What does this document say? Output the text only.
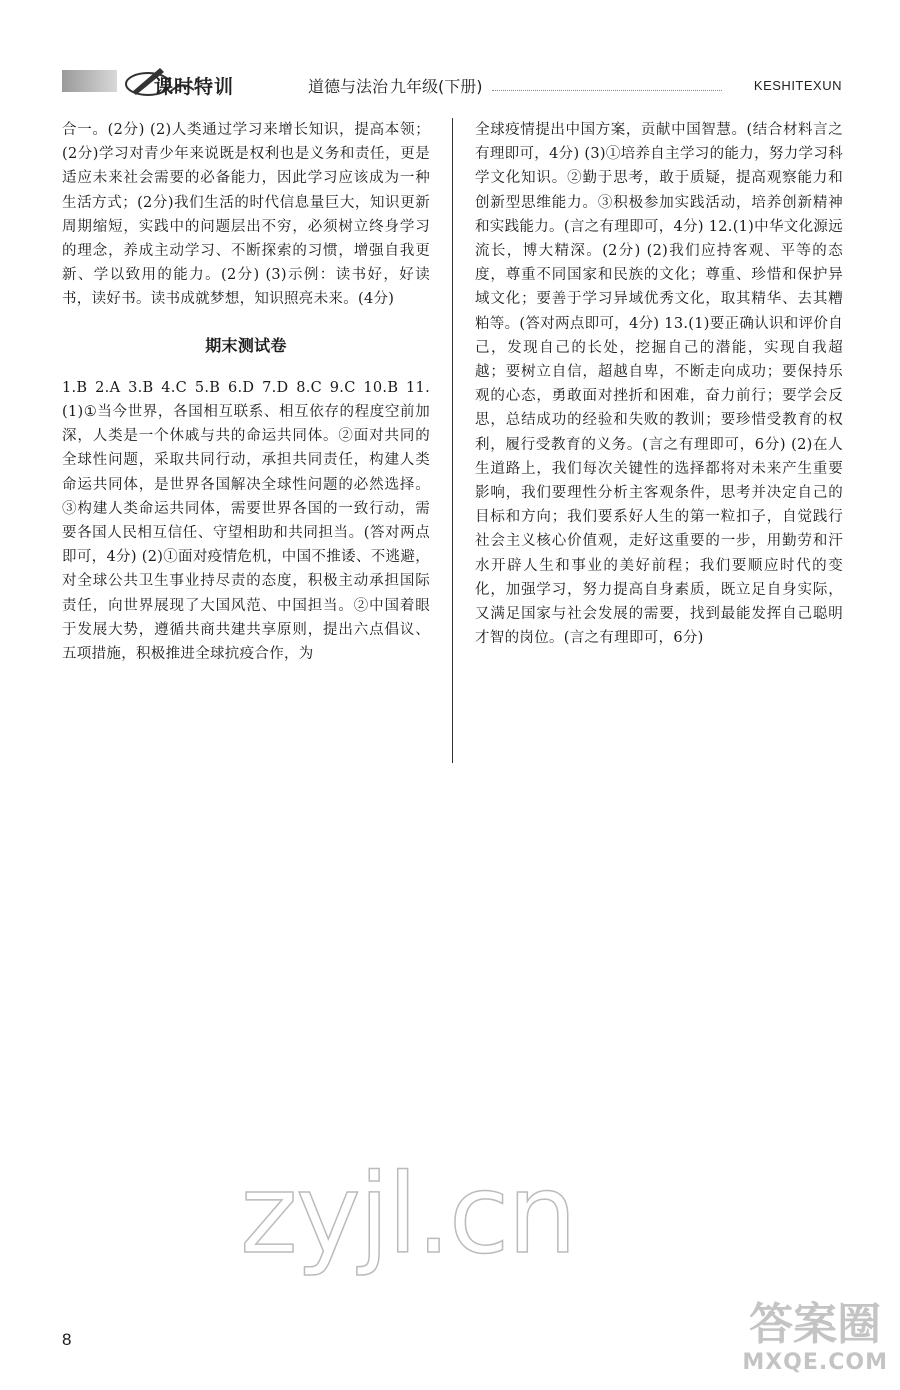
课时特训	道德与法治 九年级(下册)	KESHITEXUN

合一。(2分) (2)人类通过学习来增长知识，提高本领；(2分)学习对青少年来说既是权利也是义务和责任，更是适应未来社会需要的必备能力，因此学习应该成为一种生活方式；(2分)我们生活的时代信息量巨大，知识更新周期缩短，实践中的问题层出不穷，必须树立终身学习的理念，养成主动学习、不断探索的习惯，增强自我更新、学以致用的能力。(2分) (3)示例：读书好，好读书，读好书。读书成就梦想，知识照亮未来。(4分)

期末测试卷

1.B 2.A 3.B 4.C 5.B 6.D 7.D 8.C 9.C 10.B 11.(1)①当今世界，各国相互联系、相互依存的程度空前加深，人类是一个休戚与共的命运共同体。②面对共同的全球性问题，采取共同行动，承担共同责任，构建人类命运共同体，是世界各国解决全球性问题的必然选择。③构建人类命运共同体，需要世界各国的一致行动，需要各国人民相互信任、守望相助和共同担当。(答对两点即可，4分) (2)①面对疫情危机，中国不推诿、不逃避，对全球公共卫生事业持尽责的态度，积极主动承担国际责任，向世界展现了大国风范、中国担当。②中国着眼于发展大势，遵循共商共建共享原则，提出六点倡议、五项措施，积极推进全球抗疫合作，为

全球疫情提出中国方案，贡献中国智慧。(结合材料言之有理即可，4分) (3)①培养自主学习的能力，努力学习科学文化知识。②勤于思考，敢于质疑，提高观察能力和创新型思维能力。③积极参加实践活动，培养创新精神和实践能力。(言之有理即可，4分) 12.(1)中华文化源远流长，博大精深。(2分) (2)我们应持客观、平等的态度，尊重不同国家和民族的文化；尊重、珍惜和保护异域文化；要善于学习异域优秀文化，取其精华、去其糟粕等。(答对两点即可，4分) 13.(1)要正确认识和评价自己，发现自己的长处，挖掘自己的潜能，实现自我超越；要树立自信，超越自卑，不断走向成功；要保持乐观的心态，勇敢面对挫折和困难，奋力前行；要学会反思，总结成功的经验和失败的教训；要珍惜受教育的权利，履行受教育的义务。(言之有理即可，6分) (2)在人生道路上，我们每次关键性的选择都将对未来产生重要影响，我们要理性分析主客观条件，思考并决定自己的目标和方向；我们要系好人生的第一粒扣子，自觉践行社会主义核心价值观，走好这重要的一步，用勤劳和汗水开辟人生和事业的美好前程；我们要顺应时代的变化，加强学习，努力提高自身素质，既立足自身实际，又满足国家与社会发展的需要，找到最能发挥自己聪明才智的岗位。(言之有理即可，6分)

zyjl.cn
8	答案圈
MXQE.COM
